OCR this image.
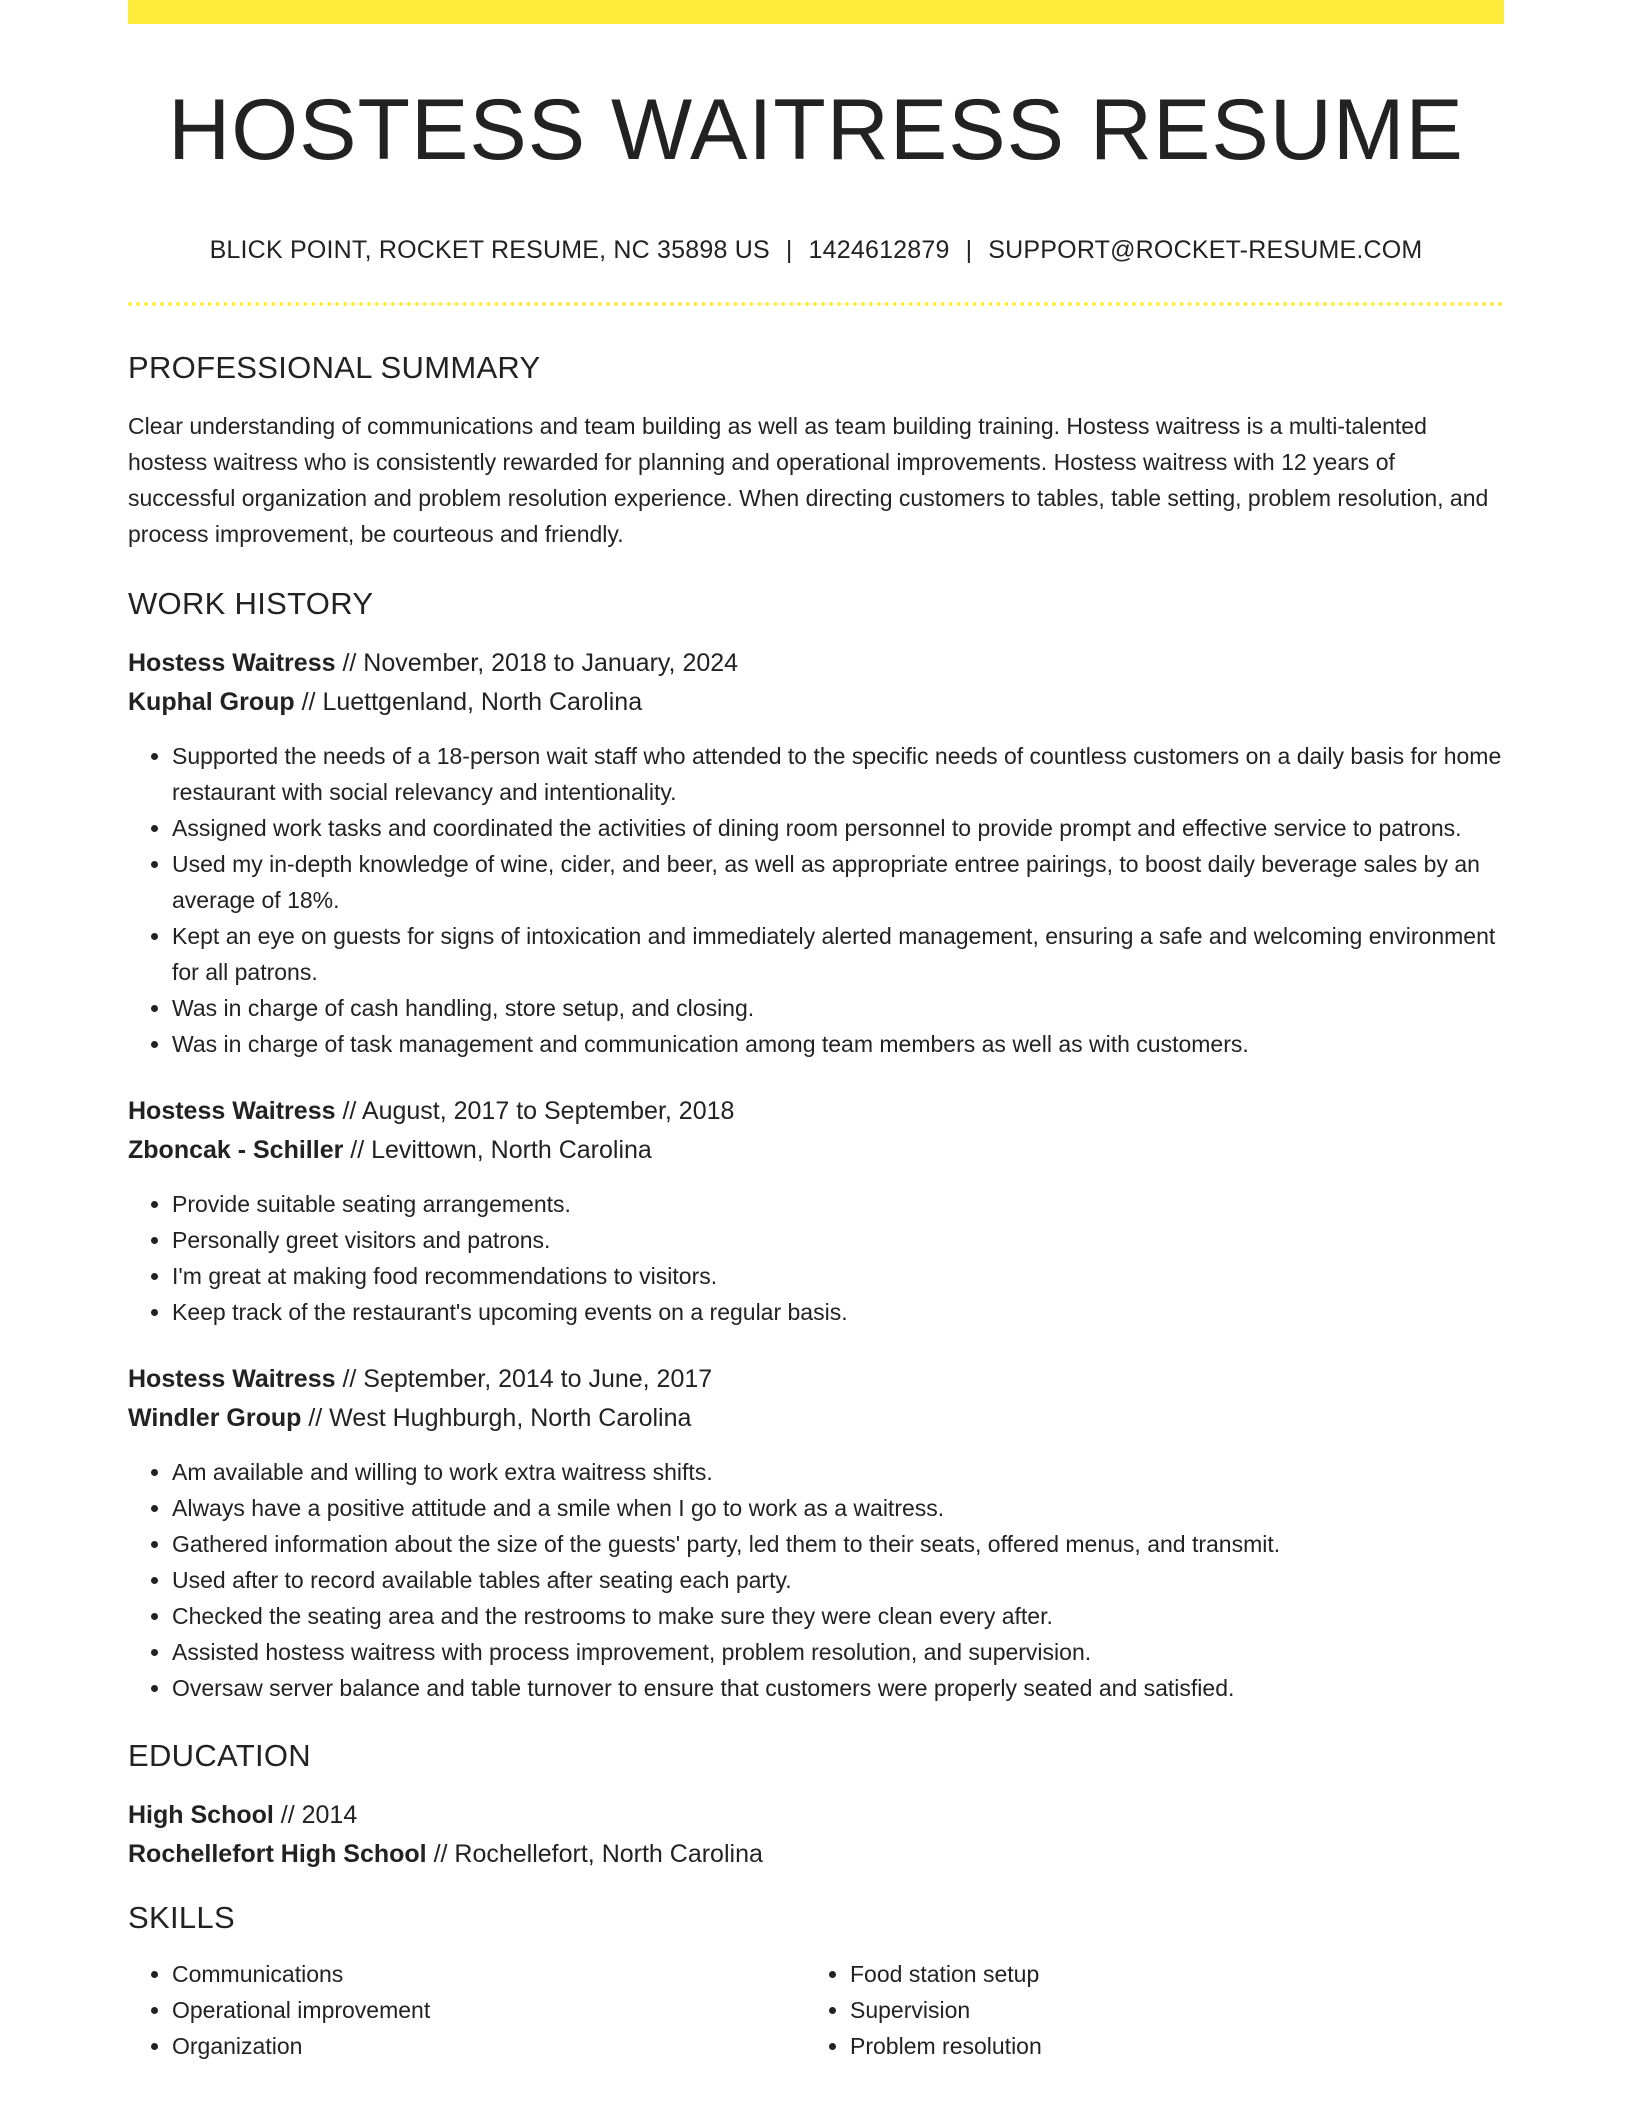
HOSTESS WAITRESS RESUME
BLICK POINT, ROCKET RESUME, NC 35898 US | 1424612879 | SUPPORT@ROCKET-RESUME.COM
PROFESSIONAL SUMMARY

Clear understanding of communications and team building as well as team building training. Hostess waitress is a multi-talented hostess waitress who is consistently rewarded for planning and operational improvements. Hostess waitress with 12 years of successful organization and problem resolution experience. When directing customers to tables, table setting, problem resolution, and process improvement, be courteous and friendly.

WORK HISTORY
Hostess Waitress // November, 2018 to January, 2024
Kuphal Group // Luettgenland, North Carolina
• Supported the needs of a 18-person wait staff who attended to the specific needs of countless customers on a daily basis for home restaurant with social relevancy and intentionality.
• Assigned work tasks and coordinated the activities of dining room personnel to provide prompt and effective service to patrons.
• Used my in-depth knowledge of wine, cider, and beer, as well as appropriate entree pairings, to boost daily beverage sales by an average of 18%.
• Kept an eye on guests for signs of intoxication and immediately alerted management, ensuring a safe and welcoming environment for all patrons.
• Was in charge of cash handling, store setup, and closing.
• Was in charge of task management and communication among team members as well as with customers.
Hostess Waitress // August, 2017 to September, 2018
Zboncak - Schiller // Levittown, North Carolina
• Provide suitable seating arrangements.
• Personally greet visitors and patrons.
• I'm great at making food recommendations to visitors.
• Keep track of the restaurant's upcoming events on a regular basis.
Hostess Waitress // September, 2014 to June, 2017
Windler Group // West Hughburgh, North Carolina
• Am available and willing to work extra waitress shifts.
• Always have a positive attitude and a smile when I go to work as a waitress.
• Gathered information about the size of the guests' party, led them to their seats, offered menus, and transmit.
• Used after to record available tables after seating each party.
• Checked the seating area and the restrooms to make sure they were clean every after.
• Assisted hostess waitress with process improvement, problem resolution, and supervision.
• Oversaw server balance and table turnover to ensure that customers were properly seated and satisfied.
EDUCATION
High School // 2014
Rochellefort High School // Rochellefort, North Carolina
SKILLS
• Communications
• Operational improvement
• Organization
• Food station setup
• Supervision
• Problem resolution
